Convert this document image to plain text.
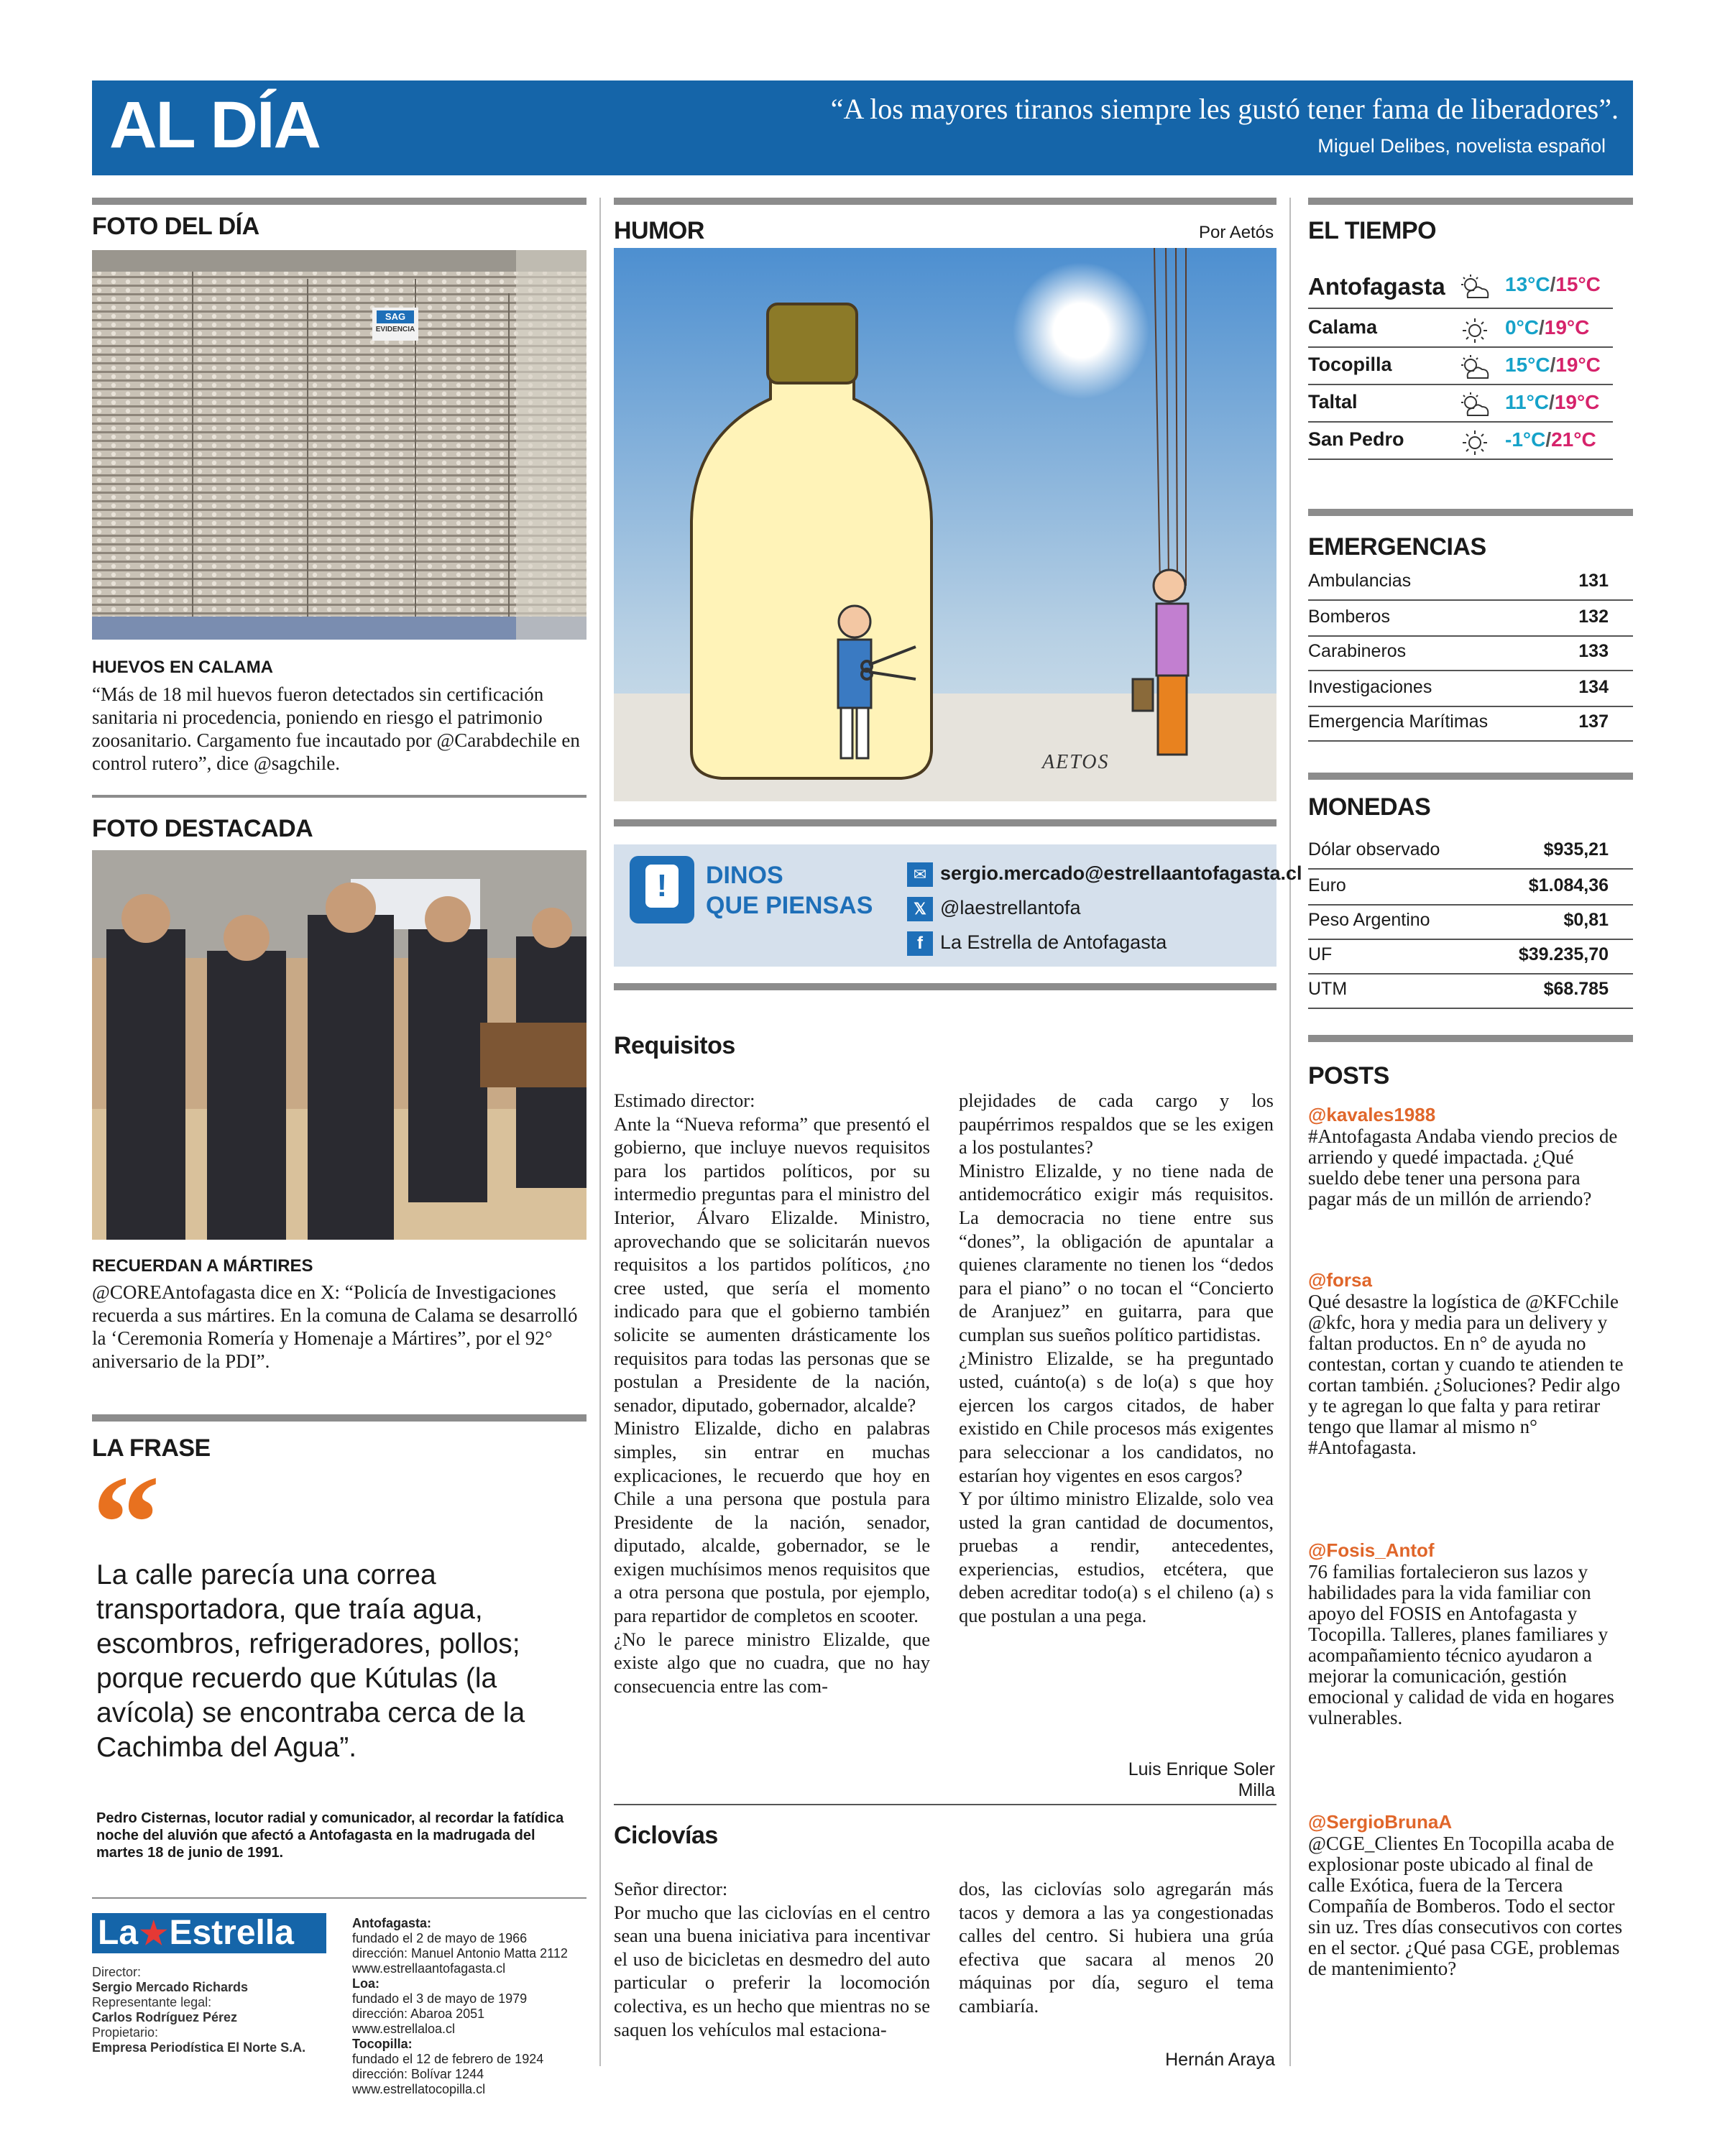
AL DÍA	“A los mayores tiranos siempre les gustó tener fama de liberadores”.
Miguel Delibes, novelista español
FOTO DEL DÍA
SAG
EVIDENCIA
HUEVOS EN CALAMA
“Más de 18 mil huevos fueron detectados sin certificación sanitaria ni procedencia, poniendo en riesgo el patrimonio zoosanitario. Cargamento fue incautado por @Carabdechile en control rutero”, dice @sagchile.
FOTO DESTACADA
RECUERDAN A MÁRTIRES
@COREAntofagasta dice en X: “Policía de Investigaciones recuerda a sus mártires. En la comuna de Calama se desarrolló la ‘Ceremonia Romería y Homenaje a Mártires”, por el 92° aniversario de la PDI”.
LA FRASE
“
La calle parecía una correa transportadora, que traía agua, escombros, refrigeradores, pollos; porque recuerdo que Kútulas (la avícola) se encontraba cerca de la Cachimba del Agua”.
Pedro Cisternas, locutor radial y comunicador, al recordar la fatídica noche del aluvión que afectó a Antofagasta en la madrugada del martes 18 de junio de 1991.
La★Estrella
Director:
Sergio Mercado Richards
Representante legal:
Carlos Rodríguez Pérez
Propietario:
Empresa Periodística El Norte S.A.
Antofagasta:
fundado el 2 de mayo de 1966
dirección: Manuel Antonio Matta 2112
www.estrellaantofagasta.cl
Loa:
fundado el 3 de mayo de 1979
dirección: Abaroa 2051
www.estrellaloa.cl
Tocopilla:
fundado el 12 de febrero de 1924
dirección: Bolívar 1244
www.estrellatocopilla.cl
HUMOR	Por Aetós
AETOS
!	DINOS
QUE PIENSAS
✉ sergio.mercado@estrellaantofagasta.cl
𝕏 @laestrellantofa
f La Estrella de Antofagasta
Requisitos
Estimado director:
Ante la “Nueva reforma” que presentó el gobierno, que incluye nuevos requisitos para los partidos políticos, por su intermedio preguntas para el ministro del Interior, Álvaro Elizalde. Ministro, aprovechando que se solicitarán nuevos requisitos a los partidos políticos, ¿no cree usted, que sería el momento indicado para que el gobierno también solicite se aumenten drásticamente los requisitos para todas las personas que se postulan a Presidente de la nación, senador, diputado, gobernador, alcalde?
Ministro Elizalde, dicho en palabras simples, sin entrar en muchas explicaciones, le recuerdo que hoy en Chile a una persona que postula para Presidente de la nación, senador, diputado, alcalde, gobernador, se le exigen muchísimos menos requisitos que a otra persona que postula, por ejemplo, para repartidor de completos en scooter.
¿No le parece ministro Elizalde, que existe algo que no cuadra, que no hay consecuencia entre las com-
plejidades de cada cargo y los paupérrimos respaldos que se les exigen a los postulantes?
Ministro Elizalde, y no tiene nada de antidemocrático exigir más requisitos. La democracia no tiene entre sus “dones”, la obligación de apuntalar a quienes claramente no tienen los “dedos para el piano” o no tocan el “Concierto de Aranjuez” en guitarra, para que cumplan sus sueños político partidistas.
¿Ministro Elizalde, se ha preguntado usted, cuánto(a) s de lo(a) s que hoy ejercen los cargos citados, de haber existido en Chile procesos más exigentes para seleccionar a los candidatos, no estarían hoy vigentes en esos cargos?
Y por último ministro Elizalde, solo vea usted la gran cantidad de documentos, pruebas a rendir, antecedentes, experiencias, estudios, etcétera, que deben acreditar todo(a) s el chileno (a) s que postulan a una pega.
Luis Enrique Soler Milla
Ciclovías
Señor director:
Por mucho que las ciclovías en el centro sean una buena iniciativa para incentivar el uso de bicicletas en desmedro del auto particular o preferir la locomoción colectiva, es un hecho que mientras no se saquen los vehículos mal estaciona-
dos, las ciclovías solo agregarán más tacos y demora a las ya congestionadas calles del centro. Si hubiera una grúa efectiva que sacara al menos 20 máquinas por día, seguro el tema cambiaría.
Hernán Araya
EL TIEMPO
Antofagasta	13°C/15°C
Calama	0°C/19°C
Tocopilla	15°C/19°C
Taltal	11°C/19°C
San Pedro	-1°C/21°C
EMERGENCIAS
Ambulancias	131
Bomberos	132
Carabineros	133
Investigaciones	134
Emergencia Marítimas	137
MONEDAS
Dólar observado	$935,21
Euro	$1.084,36
Peso Argentino	$0,81
UF	$39.235,70
UTM	$68.785
POSTS
@kavales1988
#Antofagasta Andaba viendo precios de arriendo y quedé impactada. ¿Qué sueldo debe tener una persona para pagar más de un millón de arriendo?
@forsa
Qué desastre la logística de @KFCchile @kfc, hora y media para un delivery y faltan productos. En n° de ayuda no contestan, cortan y cuando te atienden te cortan también. ¿Soluciones? Pedir algo y te agregan lo que falta y para retirar tengo que llamar al mismo n° #Antofagasta.
@Fosis_Antof
76 familias fortalecieron sus lazos y habilidades para la vida familiar con apoyo del FOSIS en Antofagasta y Tocopilla. Talleres, planes familiares y acompañamiento técnico ayudaron a mejorar la comunicación, gestión emocional y calidad de vida en hogares vulnerables.
@SergioBrunaA
@CGE_Clientes En Tocopilla acaba de explosionar poste ubicado al final de calle Exótica, fuera de la Tercera Compañía de Bomberos. Todo el sector sin uz. Tres días consecutivos con cortes en el sector. ¿Qué pasa CGE, problemas de mantenimiento?
